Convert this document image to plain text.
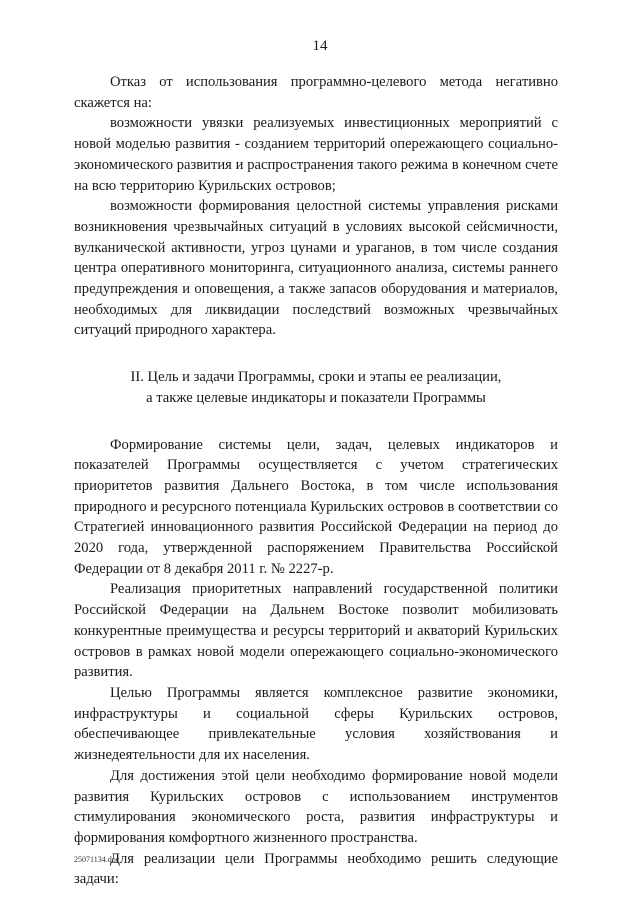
14

Отказ от использования программно-целевого метода негативно скажется на:

возможности увязки реализуемых инвестиционных мероприятий с новой моделью развития - созданием территорий опережающего социально-экономического развития и распространения такого режима в конечном счете на всю территорию Курильских островов;

возможности формирования целостной системы управления рисками возникновения чрезвычайных ситуаций в условиях высокой сейсмичности, вулканической активности, угроз цунами и ураганов, в том числе создания центра оперативного мониторинга, ситуационного анализа, системы раннего предупреждения и оповещения, а также запасов оборудования и материалов, необходимых для ликвидации последствий возможных чрезвычайных ситуаций природного характера.

II. Цель и задачи Программы, сроки и этапы ее реализации,
а также целевые индикаторы и показатели Программы

Формирование системы цели, задач, целевых индикаторов и показателей Программы осуществляется с учетом стратегических приоритетов развития Дальнего Востока, в том числе использования природного и ресурсного потенциала Курильских островов в соответствии со Стратегией инновационного развития Российской Федерации на период до 2020 года, утвержденной распоряжением Правительства Российской Федерации от 8 декабря 2011 г. № 2227-р.

Реализация приоритетных направлений государственной политики Российской Федерации на Дальнем Востоке позволит мобилизовать конкурентные преимущества и ресурсы территорий и акваторий Курильских островов в рамках новой модели опережающего социально-экономического развития.

Целью Программы является комплексное развитие экономики, инфраструктуры и социальной сферы Курильских островов, обеспечивающее привлекательные условия хозяйствования и жизнедеятельности для их населения.

Для достижения этой цели необходимо формирование новой модели развития Курильских островов с использованием инструментов стимулирования экономического роста, развития инфраструктуры и формирования комфортного жизненного пространства.

Для реализации цели Программы необходимо решить следующие задачи:

25071134.doc
